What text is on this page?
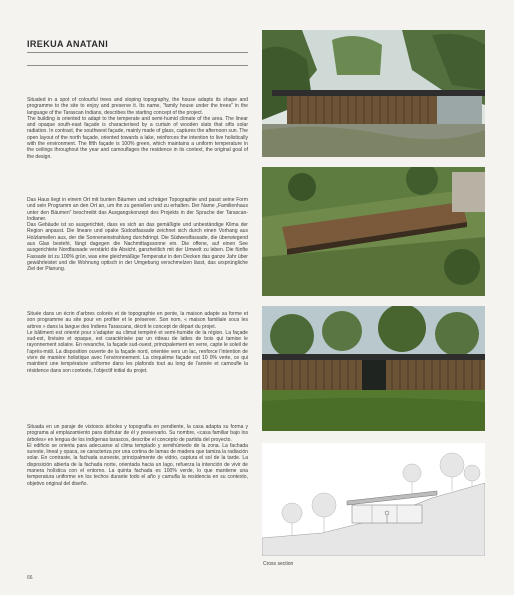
IREKUA ANATANI

Situated in a spot of colourful trees and sloping topography, the house adapts its shape and programme to the site to enjoy and preserve it. Its name, “family house under the trees” in the language of the Tarascan Indians, describes the starting concept of the project.
The building is oriented to adapt to the temperate and semi-humid climate of the area. The linear and opaque south-east façade is characterised by a curtain of wooden slats that sifts solar radiation. In contrast, the southwest façade, mainly made of glass, captures the afternoon sun. The open layout of the north façade, oriented towards a lake, reinforces the intention to live holistically with the environment. The fifth façade is 100% green, which maintains a uniform temperature in the ceilings throughout the year and camouflages the residence in its context, the original goal of the design.

Das Haus liegt in einem Ort mit bunten Bäumen und schräger Topographie und passt seine Form und sein Programm an den Ort an, um ihn zu genießen und zu erhalten. Der Name „Familienhaus unter den Bäumen” beschreibt das Ausgangskonzept des Projekts in der Sprache der Tarascan-Indianer.
Das Gebäude ist so ausgerichtet, dass es sich an das gemäßigte und unbeständige Klima der Region anpasst. Die lineare und opake Südostfassade zeichnet sich durch einen Vorhang aus Holzlamellen aus, der die Sonneneinstrahlung durchdringt. Die Südwestfassade, die überwiegend aus Glas besteht, fängt dagegen die Nachmittagssonne ein. Die offene, auf einen See ausgerichtete Nordfassade verstärkt die Absicht, ganzheitlich mit der Umwelt zu leben. Die fünfte Fassade ist zu 100% grün, was eine gleichmäßige Temperatur in den Decken das ganze Jahr über gewährleistet und die Wohnung optisch in der Umgebung verschmelzen lässt, das ursprüngliche Ziel der Planung.

Située dans un écrin d’arbres colorés et de topographie en pente, la maison adapte sa forme et son programme au site pour en profiter et le préserver. Son nom, « maison familiale sous les arbres » dans la langue des Indiens Tarascans, décrit le concept de départ du projet.
Le bâtiment est orienté pour s’adapter au climat tempéré et semi-humide de la région. La façade sud-est, linéaire et opaque, est caractérisée par un rideau de lattes de bois qui tamise le rayonnement solaire. En revanche, la façade sud-ouest, principalement en verre, capte le soleil de l’après-midi. La disposition ouverte de la façade nord, orientée vers un lac, renforce l’intention de vivre de manière holistique avec l’environnement. La cinquième façade est 10 0% verte, ce qui maintient une température uniforme dans les plafonds tout au long de l’année et camoufle la résidence dans son contexte, l’objectif initial du projet.

Situada en un paraje de vistosos árboles y topografía en pendiente, la casa adapta su forma y programa al emplazamiento para disfrutar de él y preservarlo. Su nombre, «casa familiar bajo los árboles» en lengua de los indígenas tarascos, describe el concepto de partida del proyecto.
El edificio se orienta para adecuarse al clima templado y semihúmedo de la zona. La fachada sureste, lineal y opaca, se caracteriza por una cortina de lamas de madera que tamiza la radiación solar. En contraste, la fachada suroeste, principalmente de vidrio, captura el sol de la tarde. La disposición abierta de la fachada norte, orientada hacia un lago, refuerza la intención de vivir de manera holística con el entorno. La quinta fachada es 100% verde, lo que mantiene una temperatura uniforme en los techos durante todo el año y camufla la residencia en su contexto, objetivo original del diseño.

Cross section
66
